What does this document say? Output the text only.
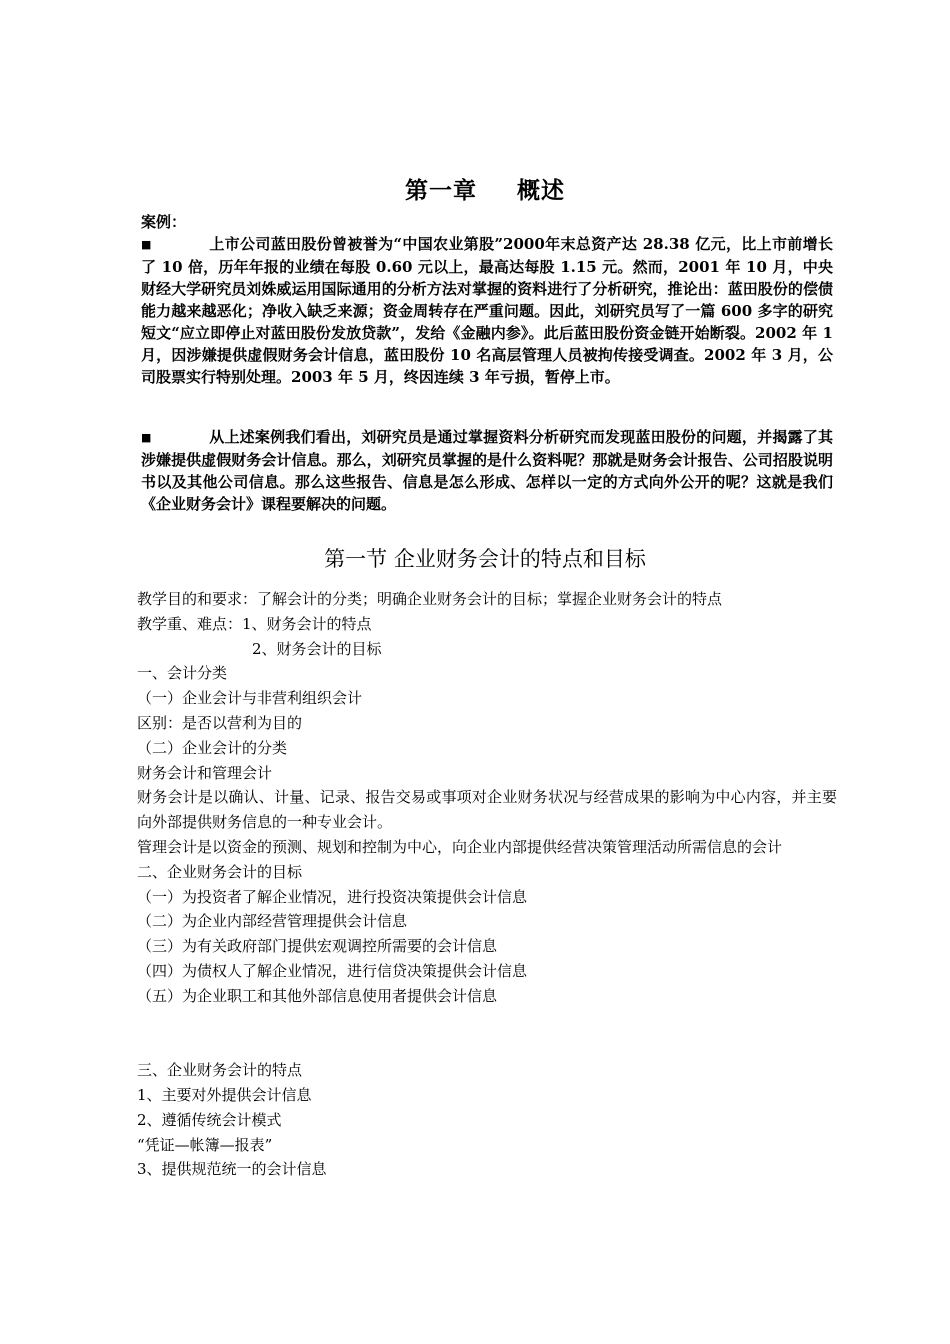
第一章 概述
案例：
■	上市公司蓝田股份曾被誉为“中国农业第股”2000年末总资产达 28.38 亿元，比上市前增长了 10 倍，历年年报的业绩在每股 0.60 元以上，最高达每股 1.15 元。然而，2001 年 10 月，中央财经大学研究员刘姝威运用国际通用的分析方法对掌握的资料进行了分析研究，推论出：蓝田股份的偿债能力越来越恶化；净收入缺乏来源；资金周转存在严重问题。因此，刘研究员写了一篇 600 多字的研究短文“应立即停止对蓝田股份发放贷款”，发给《金融内参》。此后蓝田股份资金链开始断裂。2002 年 1 月，因涉嫌提供虚假财务会计信息，蓝田股份 10 名高层管理人员被拘传接受调查。2002 年 3 月，公司股票实行特别处理。2003 年 5 月，终因连续 3 年亏损，暂停上市。
■	从上述案例我们看出，刘研究员是通过掌握资料分析研究而发现蓝田股份的问题，并揭露了其涉嫌提供虚假财务会计信息。那么，刘研究员掌握的是什么资料呢？那就是财务会计报告、公司招股说明书以及其他公司信息。那么这些报告、信息是怎么形成、怎样以一定的方式向外公开的呢？这就是我们《企业财务会计》课程要解决的问题。
第一节 企业财务会计的特点和目标
教学目的和要求：了解会计的分类；明确企业财务会计的目标；掌握企业财务会计的特点
教学重、难点：1、财务会计的特点
2、财务会计的目标
一、会计分类
（一）企业会计与非营利组织会计
区别：是否以营利为目的
（二）企业会计的分类
财务会计和管理会计
财务会计是以确认、计量、记录、报告交易或事项对企业财务状况与经营成果的影响为中心内容，并主要向外部提供财务信息的一种专业会计。
管理会计是以资金的预测、规划和控制为中心，向企业内部提供经营决策管理活动所需信息的会计
二、企业财务会计的目标
（一）为投资者了解企业情况，进行投资决策提供会计信息
（二）为企业内部经营管理提供会计信息
（三）为有关政府部门提供宏观调控所需要的会计信息
（四）为债权人了解企业情况，进行信贷决策提供会计信息
（五）为企业职工和其他外部信息使用者提供会计信息
三、企业财务会计的特点
1、主要对外提供会计信息
2、遵循传统会计模式
“凭证—帐簿—报表”
3、提供规范统一的会计信息
